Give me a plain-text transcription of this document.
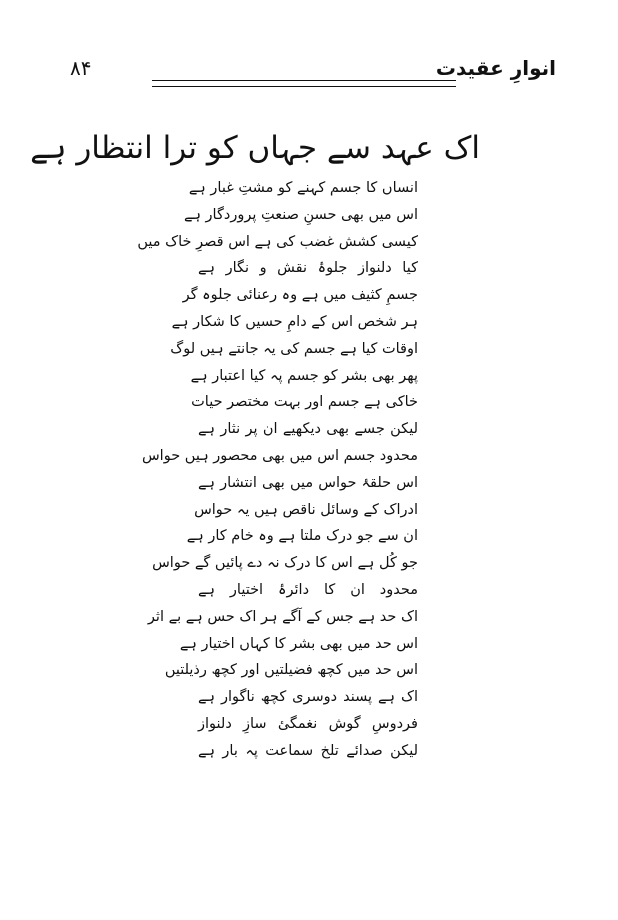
۸۴	انوارِ عقیدت
اک عہد سے جہاں کو ترا انتظار ہے
انساں کا جسم کہنے کو مشتِ غبار ہے
اس میں بھی حسنِ صنعتِ پروردگار ہے
کیسی کشش غضب کی ہے اس قصرِ خاک میں
کیا دلنواز جلوۂ نقش و نگار ہے
جسمِ کثیف میں ہے وہ رعنائی جلوہ گر
ہر شخص اس کے دامِ حسیں کا شکار ہے
اوقات کیا ہے جسم کی یہ جانتے ہیں لوگ
پھر بھی بشر کو جسم پہ کیا اعتبار ہے
خاکی ہے جسم اور بہت مختصر حیات
لیکن جسے بھی دیکھیے ان پر نثار ہے
محدود جسم اس میں بھی محصور ہیں حواس
اس حلقۂ حواس میں بھی انتشار ہے
ادراک کے وسائل ناقص ہیں یہ حواس
ان سے جو درک ملتا ہے وہ خام کار ہے
جو کُل ہے اس کا درک نہ دے پائیں گے حواس
محدود ان کا دائرۂ اختیار ہے
اک حد ہے جس کے آگے ہر اک حس ہے بے اثر
اس حد میں بھی بشر کا کہاں اختیار ہے
اس حد میں کچھ فضیلتیں اور کچھ رذیلتیں
اک ہے پسند دوسری کچھ ناگوار ہے
فردوسِ گوش نغمگیٔ سازِ دلنواز
لیکن صدائے تلخ سماعت پہ بار ہے
